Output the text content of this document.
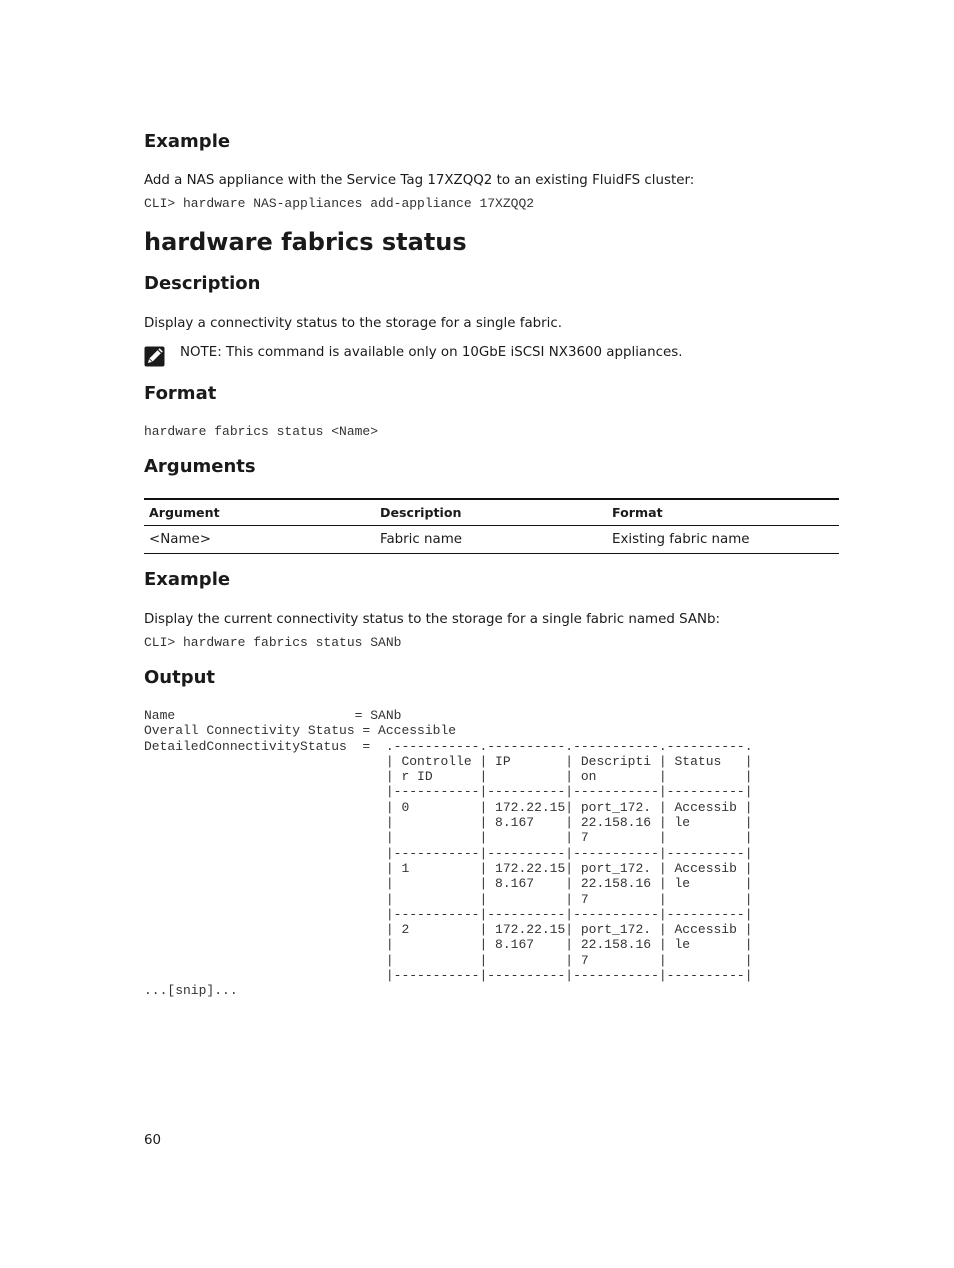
Example

Add a NAS appliance with the Service Tag 17XZQQ2 to an existing FluidFS cluster:

CLI> hardware NAS-appliances add-appliance 17XZQQ2
hardware fabrics status
Description

Display a connectivity status to the storage for a single fabric.

NOTE: This command is available only on 10GbE iSCSI NX3600 appliances.
Format
hardware fabrics status <Name>
Arguments
Argument	Description	Format
<Name>	Fabric name	Existing fabric name
Example

Display the current connectivity status to the storage for a single fabric named SANb:

CLI> hardware fabrics status SANb
Output
Name                       = SANb
Overall Connectivity Status = Accessible
DetailedConnectivityStatus  =  .-----------.----------.-----------.----------.
| Controlle | IP       | Descripti | Status   |
| r ID      |          | on        |          |
|-----------|----------|-----------|----------|
| 0         | 172.22.15| port_172. | Accessib |
|           | 8.167    | 22.158.16 | le       |
|           |          | 7         |          |
|-----------|----------|-----------|----------|
| 1         | 172.22.15| port_172. | Accessib |
|           | 8.167    | 22.158.16 | le       |
|           |          | 7         |          |
|-----------|----------|-----------|----------|
| 2         | 172.22.15| port_172. | Accessib |
|           | 8.167    | 22.158.16 | le       |
|           |          | 7         |          |
|-----------|----------|-----------|----------|
...[snip]...
60
